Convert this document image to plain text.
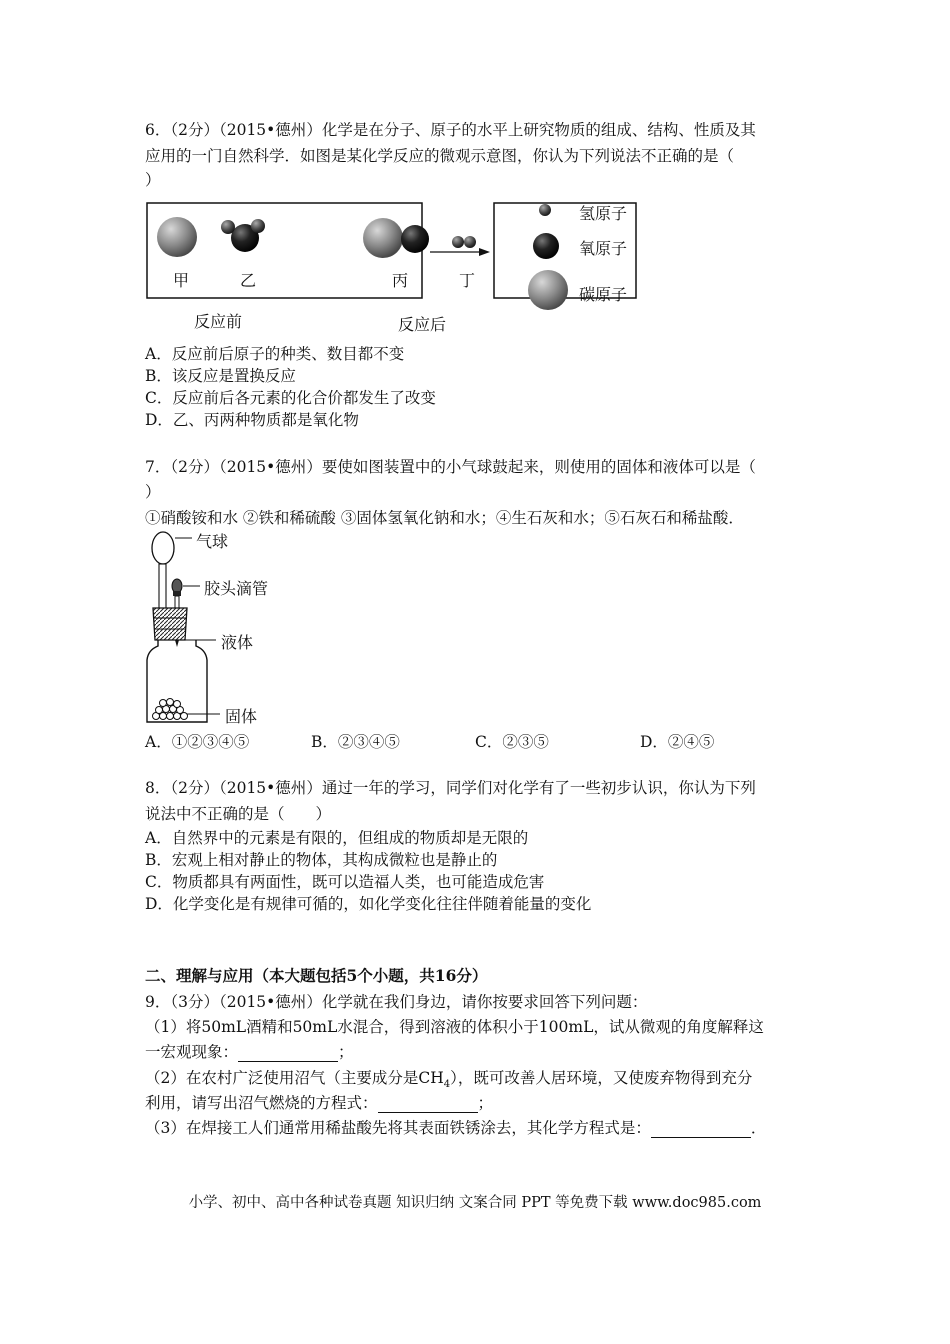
6．（2分）（2015•德州）化学是在分子、原子的水平上研究物质的组成、结构、性质及其
应用的一门自然科学．如图是某化学反应的微观示意图，你认为下列说法不正确的是（
）
甲	乙	丙	丁
反应前	反应后
氢原子
氧原子
碳原子
A．反应前后原子的种类、数目都不变
B．该反应是置换反应
C．反应前后各元素的化合价都发生了改变
D．乙、丙两种物质都是氧化物
7．（2分）（2015•德州）要使如图装置中的小气球鼓起来，则使用的固体和液体可以是（
）
①硝酸铵和水 ②铁和稀硫酸 ③固体氢氧化钠和水；④生石灰和水；⑤石灰石和稀盐酸．
气球
胶头滴管
液体
固体
A．①②③④⑤	B．②③④⑤	C．②③⑤	D．②④⑤
8．（2分）（2015•德州）通过一年的学习，同学们对化学有了一些初步认识，你认为下列
说法中不正确的是（　　）
A．自然界中的元素是有限的，但组成的物质却是无限的
B．宏观上相对静止的物体，其构成微粒也是静止的
C．物质都具有两面性，既可以造福人类，也可能造成危害
D．化学变化是有规律可循的，如化学变化往往伴随着能量的变化
二、理解与应用（本大题包括5个小题，共16分）
9．（3分）（2015•德州）化学就在我们身边，请你按要求回答下列问题：
（1）将50mL酒精和50mL水混合，得到溶液的体积小于100mL，试从微观的角度解释这
一宏观现象：	；
（2）在农村广泛使用沼气（主要成分是$CH_4$），既可改善人居环境，又使废弃物得到充分
利用，请写出沼气燃烧的方程式：	；
（3）在焊接工人们通常用稀盐酸先将其表面铁锈涂去，其化学方程式是：	．
小学、初中、高中各种试卷真题 知识归纳 文案合同 PPT 等免费下载 www.doc985.com
